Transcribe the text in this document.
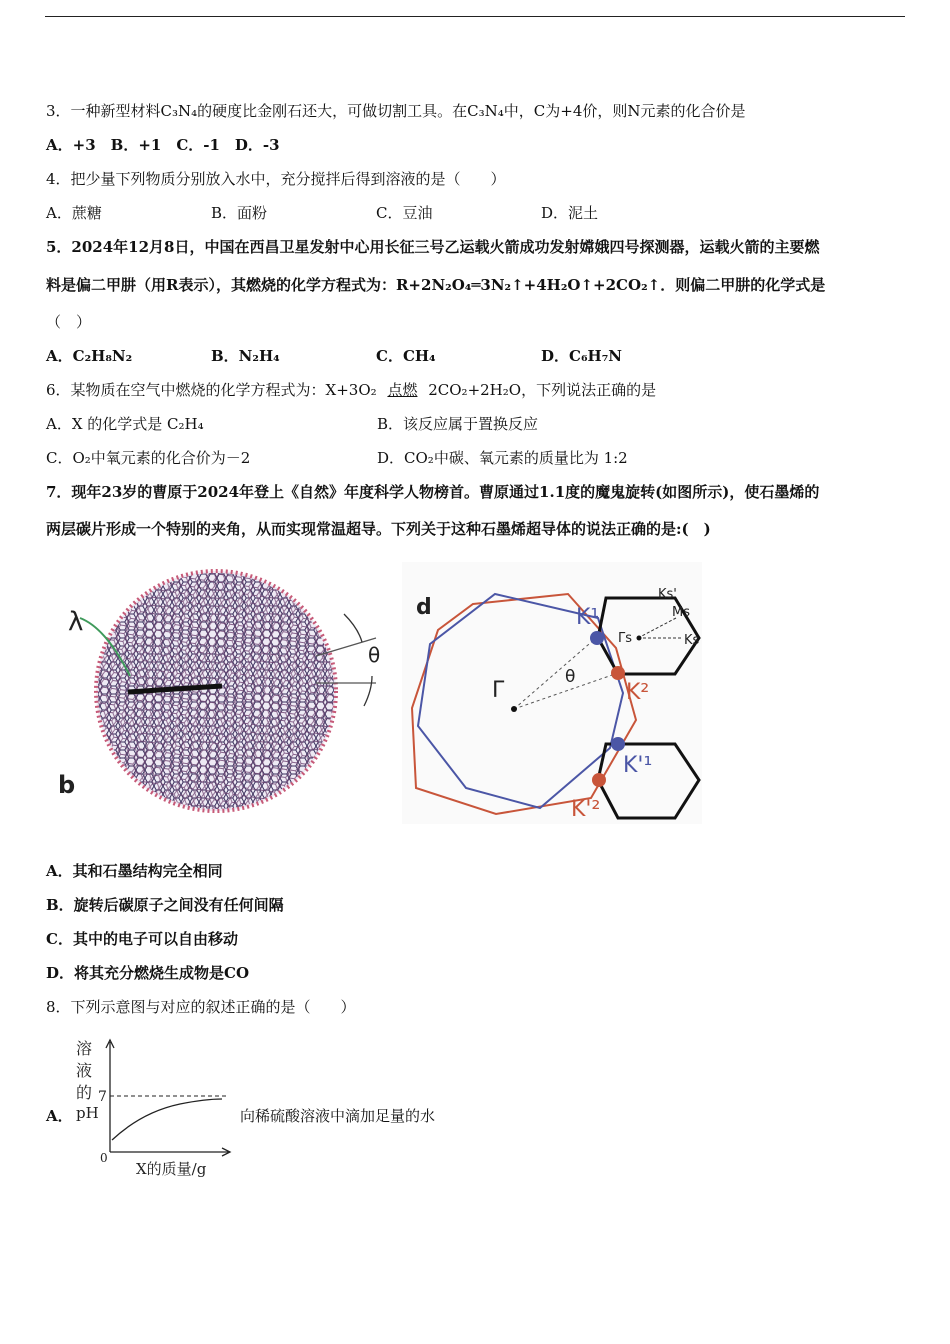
3．一种新型材料C₃N₄的硬度比金刚石还大，可做切割工具。在C₃N₄中，C为+4价，则N元素的化合价是
A．+3　B．+1　C．-1　D．-3
4．把少量下列物质分别放入水中，充分搅拌后得到溶液的是（　　）
A．蔗糖	B．面粉	C．豆油	D．泥土
5．2024年12月8日，中国在西昌卫星发射中心用长征三号乙运载火箭成功发射嫦娥四号探测器，运载火箭的主要燃
料是偏二甲肼（用R表示），其燃烧的化学方程式为：R+2N₂O₄═3N₂↑+4H₂O↑+2CO₂↑．则偏二甲肼的化学式是
（　）
A．C₂H₈N₂	B．N₂H₄	C．CH₄	D．C₆H₇N
6．某物质在空气中燃烧的化学方程式为：X+3O₂ 点燃 2CO₂+2H₂O，下列说法正确的是
A．X 的化学式是 C₂H₄	B．该反应属于置换反应
C．O₂中氧元素的化合价为－2	D．CO₂中碳、氧元素的质量比为 1:2
7．现年23岁的曹原于2024年登上《自然》年度科学人物榜首。曹原通过1.1度的魔鬼旋转(如图所示)，使石墨烯的
两层碳片形成一个特别的夹角，从而实现常温超导。下列关于这种石墨烯超导体的说法正确的是:(　)
λ
θ
b
d
Γ
θ
K¹
K²
K'¹
K'²
Γs	Ks
Ks'
Ms
A．其和石墨结构完全相同
B．旋转后碳原子之间没有任何间隔
C．其中的电子可以自由移动
D．将其充分燃烧生成物是CO
8．下列示意图与对应的叙述正确的是（　　）
A．	向稀硫酸溶液中滴加足量的水
溶
液
的
pH
7
0
X的质量/g
